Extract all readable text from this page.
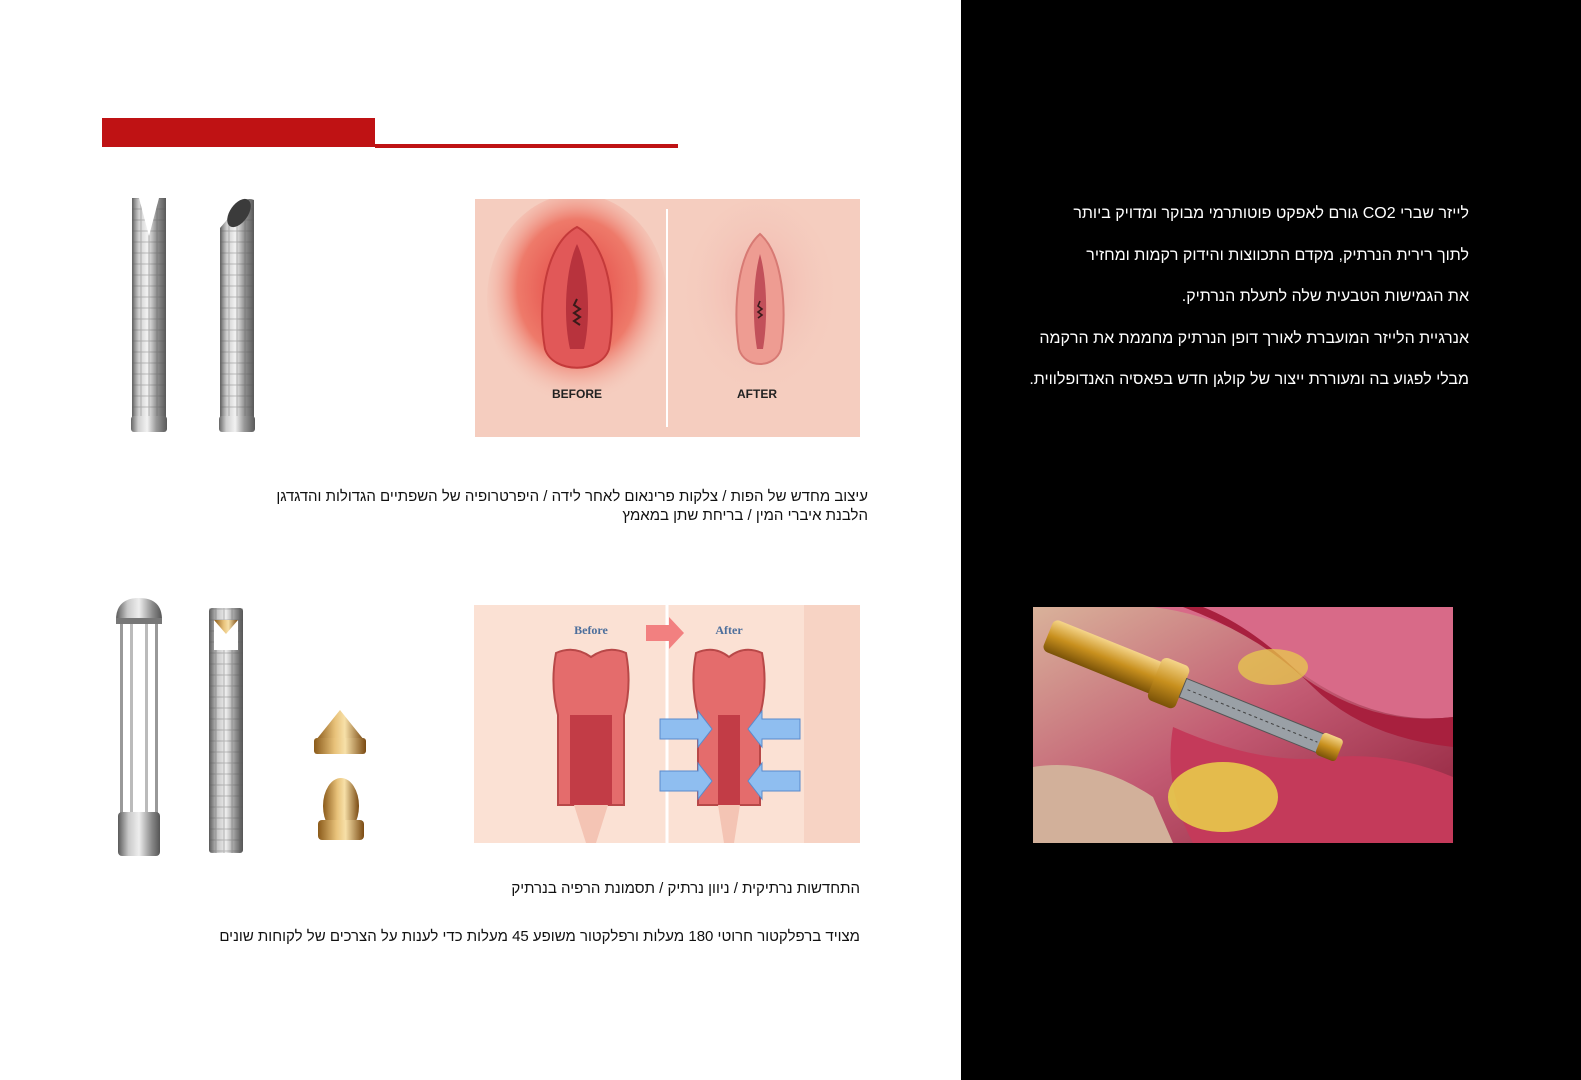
BEFORE	AFTER
עיצוב מחדש של הפות / צלקות פרינאום לאחר לידה / היפרטרופיה של השפתיים הגדולות והדגדגן
הלבנת איברי המין / בריחת שתן במאמץ
Before	After
התחדשות נרתיקית / ניוון נרתיק / תסמונת הרפיה בנרתיק
מצויד ברפלקטור חרוטי 180 מעלות ורפלקטור משופע 45 מעלות כדי לענות על הצרכים של לקוחות שונים
לייזר שברי CO2 גורם לאפקט פוטותרמי מבוקר ומדויק ביותר
לתוך רירית הנרתיק, מקדם התכווצות והידוק רקמות ומחזיר
את הגמישות הטבעית שלה לתעלת הנרתיק.
אנרגיית הלייזר המועברת לאורך דופן הנרתיק מחממת את הרקמה
מבלי לפגוע בה ומעוררת ייצור של קולגן חדש בפאסיה האנדופלווית.
